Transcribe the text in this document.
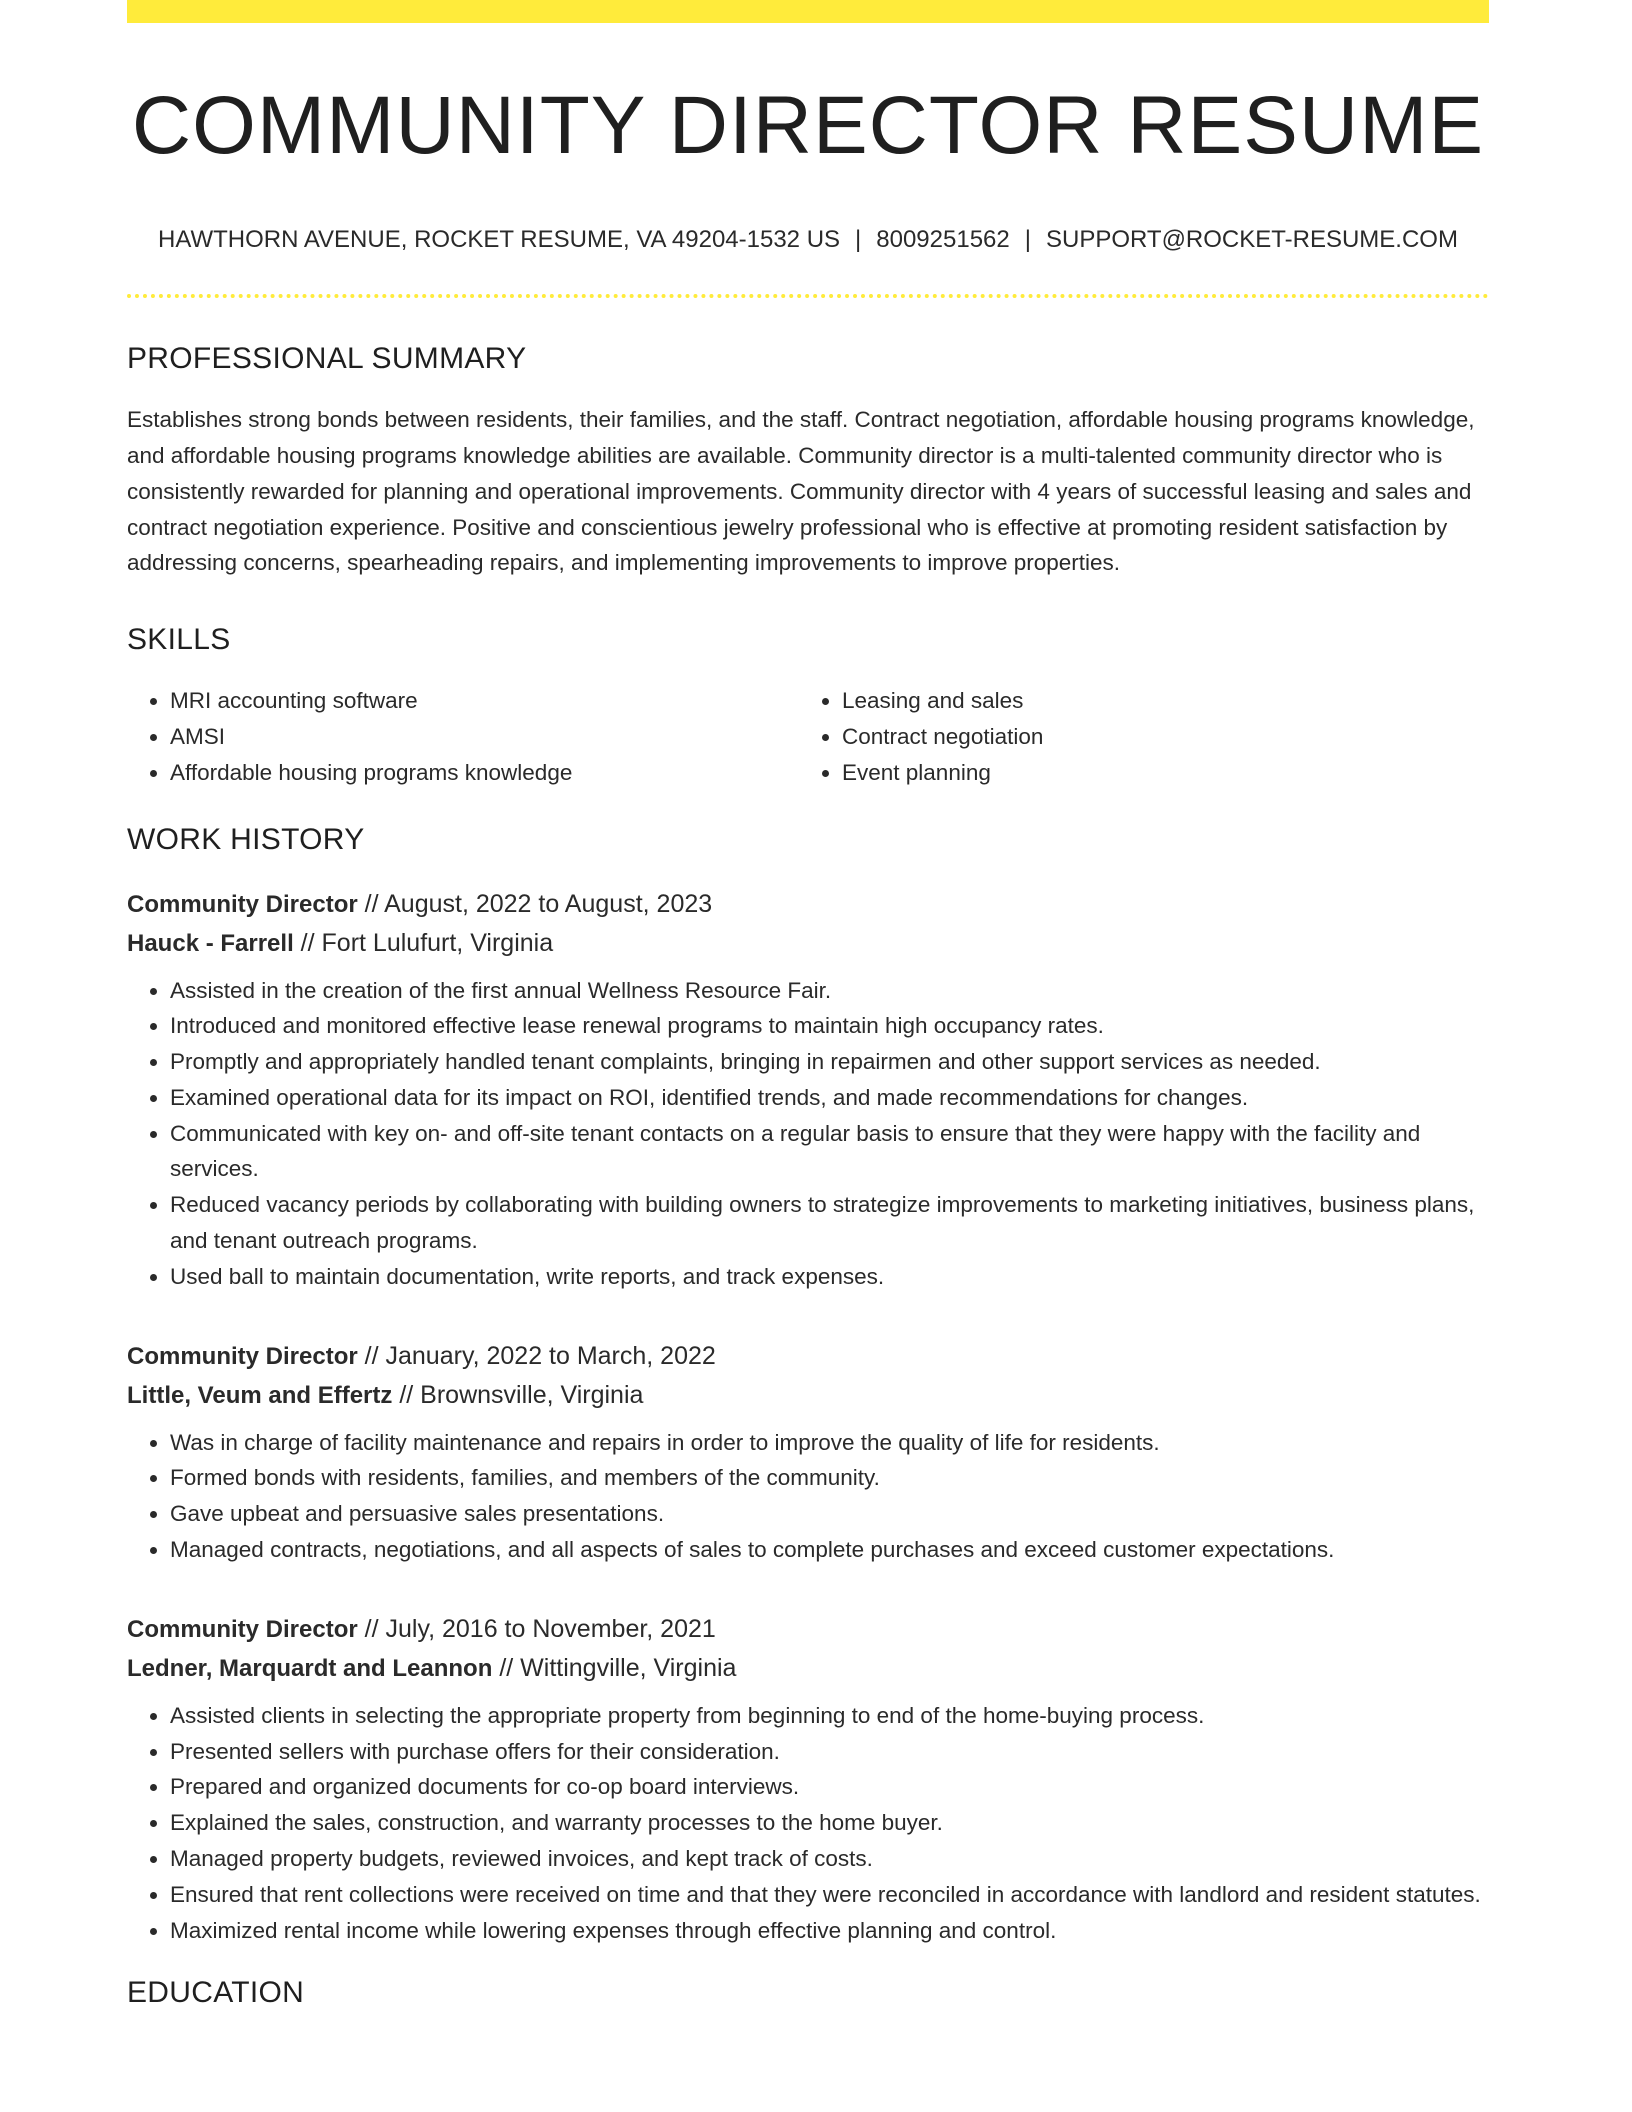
COMMUNITY DIRECTOR RESUME
HAWTHORN AVENUE, ROCKET RESUME, VA 49204-1532 US | 8009251562 | SUPPORT@ROCKET-RESUME.COM
PROFESSIONAL SUMMARY

Establishes strong bonds between residents, their families, and the staff. Contract negotiation, affordable housing programs knowledge, and affordable housing programs knowledge abilities are available. Community director is a multi-talented community director who is consistently rewarded for planning and operational improvements. Community director with 4 years of successful leasing and sales and contract negotiation experience. Positive and conscientious jewelry professional who is effective at promoting resident satisfaction by addressing concerns, spearheading repairs, and implementing improvements to improve properties.

SKILLS
• MRI accounting software
• AMSI
• Affordable housing programs knowledge
• Leasing and sales
• Contract negotiation
• Event planning
WORK HISTORY
Community Director // August, 2022 to August, 2023
Hauck - Farrell // Fort Lulufurt, Virginia
• Assisted in the creation of the first annual Wellness Resource Fair.
• Introduced and monitored effective lease renewal programs to maintain high occupancy rates.
• Promptly and appropriately handled tenant complaints, bringing in repairmen and other support services as needed.
• Examined operational data for its impact on ROI, identified trends, and made recommendations for changes.
• Communicated with key on- and off-site tenant contacts on a regular basis to ensure that they were happy with the facility and services.
• Reduced vacancy periods by collaborating with building owners to strategize improvements to marketing initiatives, business plans, and tenant outreach programs.
• Used ball to maintain documentation, write reports, and track expenses.
Community Director // January, 2022 to March, 2022
Little, Veum and Effertz // Brownsville, Virginia
• Was in charge of facility maintenance and repairs in order to improve the quality of life for residents.
• Formed bonds with residents, families, and members of the community.
• Gave upbeat and persuasive sales presentations.
• Managed contracts, negotiations, and all aspects of sales to complete purchases and exceed customer expectations.
Community Director // July, 2016 to November, 2021
Ledner, Marquardt and Leannon // Wittingville, Virginia
• Assisted clients in selecting the appropriate property from beginning to end of the home-buying process.
• Presented sellers with purchase offers for their consideration.
• Prepared and organized documents for co-op board interviews.
• Explained the sales, construction, and warranty processes to the home buyer.
• Managed property budgets, reviewed invoices, and kept track of costs.
• Ensured that rent collections were received on time and that they were reconciled in accordance with landlord and resident statutes.
• Maximized rental income while lowering expenses through effective planning and control.
EDUCATION
